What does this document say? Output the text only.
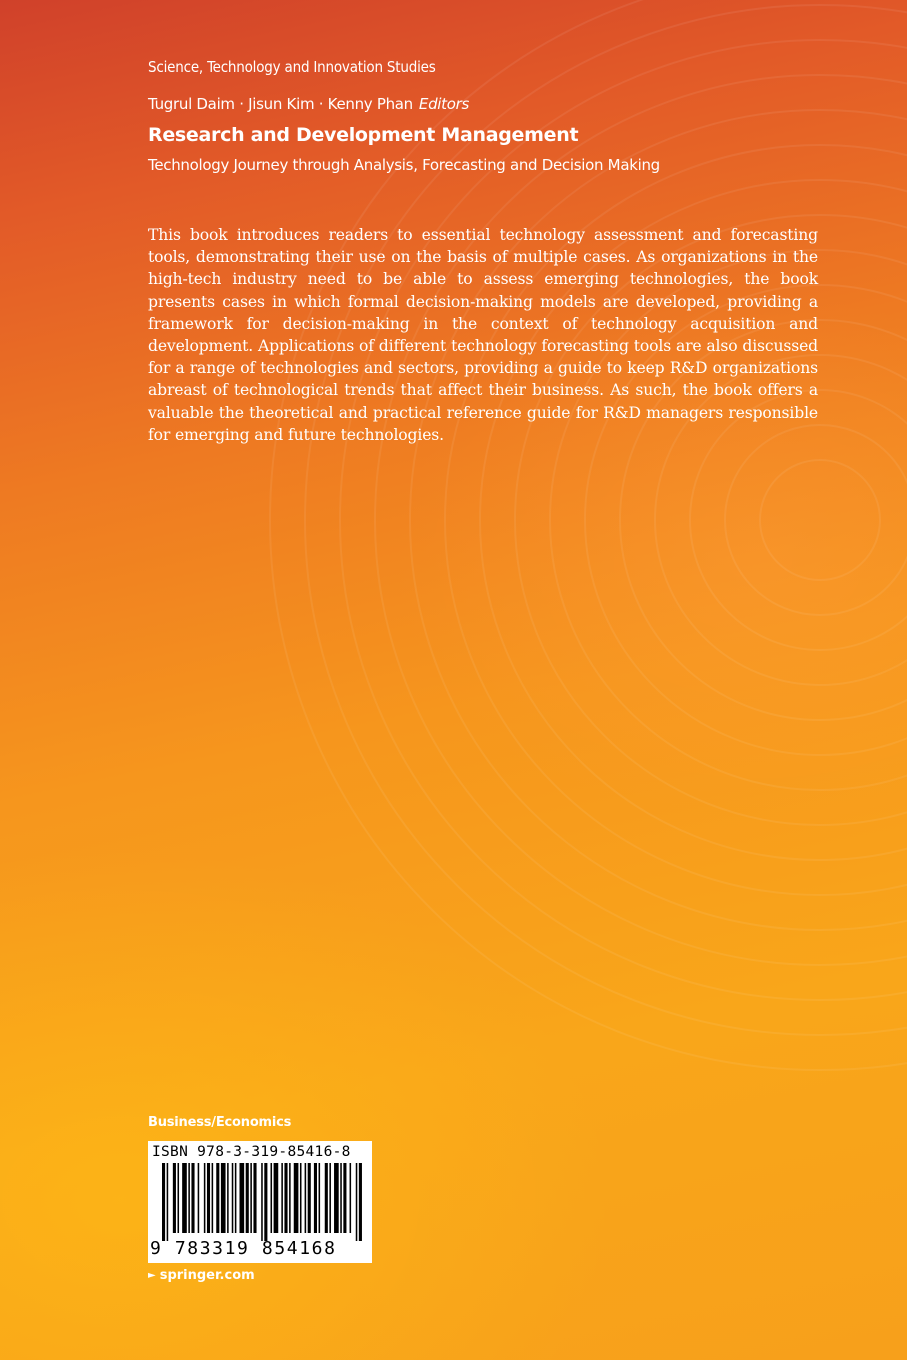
Science, Technology and Innovation Studies
Tugrul Daim · Jisun Kim · Kenny Phan Editors
Research and Development Management
Technology Journey through Analysis, Forecasting and Decision Making

This book introduces readers to essential technology assessment and forecasting tools, demonstrating their use on the basis of multiple cases. As organizations in the high-tech industry need to be able to assess emerging technologies, the book presents cases in which formal decision-making models are developed, providing a framework for decision-making in the context of technology acquisition and development. Applications of different technology forecasting tools are also discussed for a range of technologies and sectors, providing a guide to keep R&D organizations abreast of technological trends that affect their business. As such, the book offers a valuable the theoretical and practical reference guide for R&D managers responsible for emerging and future technologies.

Business/Economics
ISBN 978-3-319-85416-8
9 783319 854168
► springer.com
